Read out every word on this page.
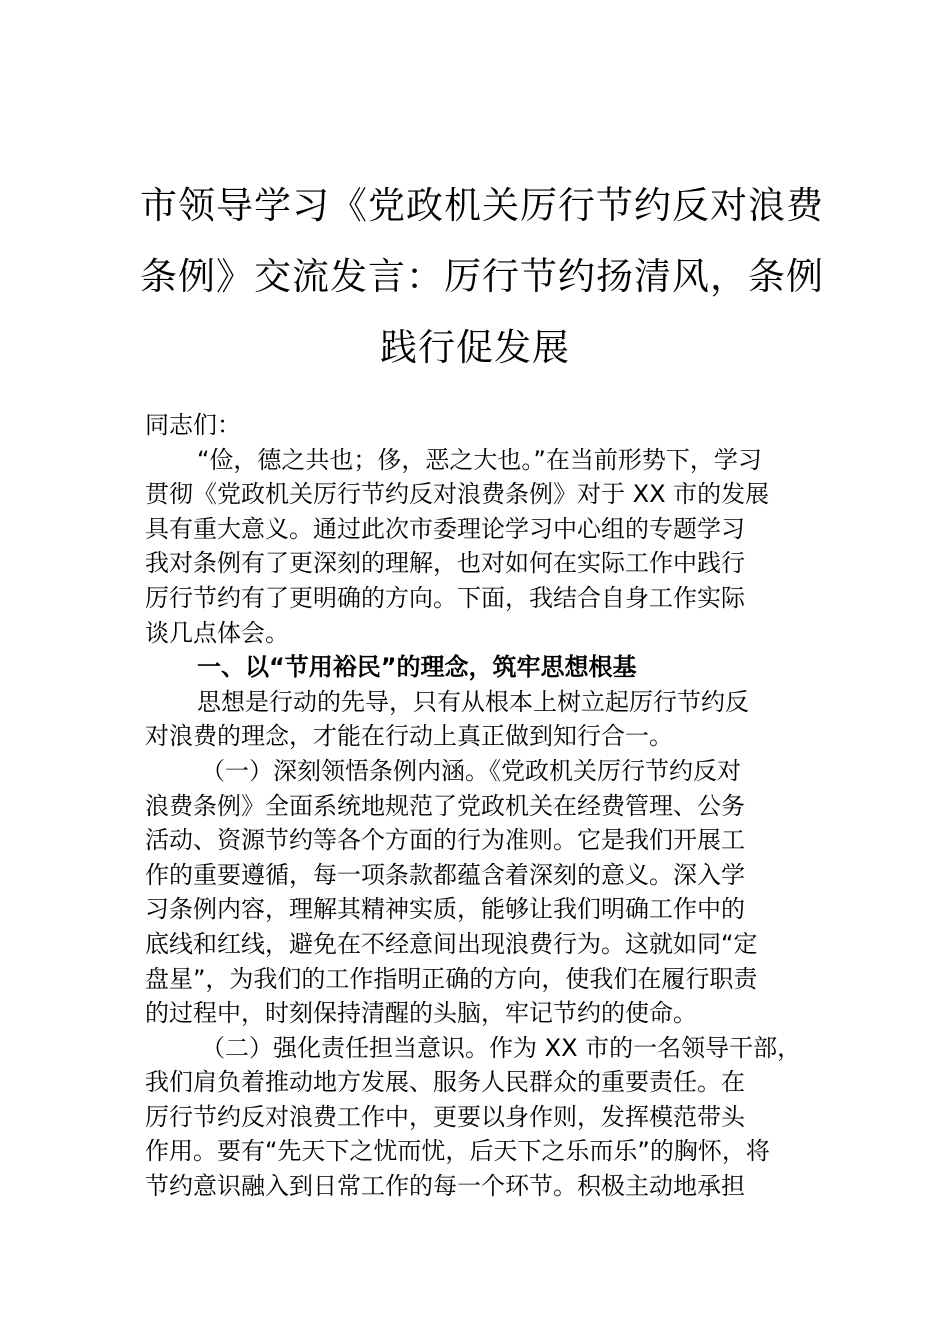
市领导学习《党政机关厉行节约反对浪费
条例》交流发言：厉行节约扬清风，条例
践行促发展

同志们：

“俭，德之共也；侈，恶之大也。”在当前形势下，学习
贯彻《党政机关厉行节约反对浪费条例》对于 XX 市的发展
具有重大意义。通过此次市委理论学习中心组的专题学习
我对条例有了更深刻的理解，也对如何在实际工作中践行
厉行节约有了更明确的方向。下面，我结合自身工作实际
谈几点体会。

一、以“节用裕民”的理念，筑牢思想根基

思想是行动的先导，只有从根本上树立起厉行节约反
对浪费的理念，才能在行动上真正做到知行合一。

（一）深刻领悟条例内涵。《党政机关厉行节约反对
浪费条例》全面系统地规范了党政机关在经费管理、公务
活动、资源节约等各个方面的行为准则。它是我们开展工
作的重要遵循，每一项条款都蕴含着深刻的意义。深入学
习条例内容，理解其精神实质，能够让我们明确工作中的
底线和红线，避免在不经意间出现浪费行为。这就如同“定
盘星”，为我们的工作指明正确的方向，使我们在履行职责
的过程中，时刻保持清醒的头脑，牢记节约的使命。

（二）强化责任担当意识。作为 XX 市的一名领导干部，
我们肩负着推动地方发展、服务人民群众的重要责任。在
厉行节约反对浪费工作中，更要以身作则，发挥模范带头
作用。要有“先天下之忧而忧，后天下之乐而乐”的胸怀，将
节约意识融入到日常工作的每一个环节。积极主动地承担
